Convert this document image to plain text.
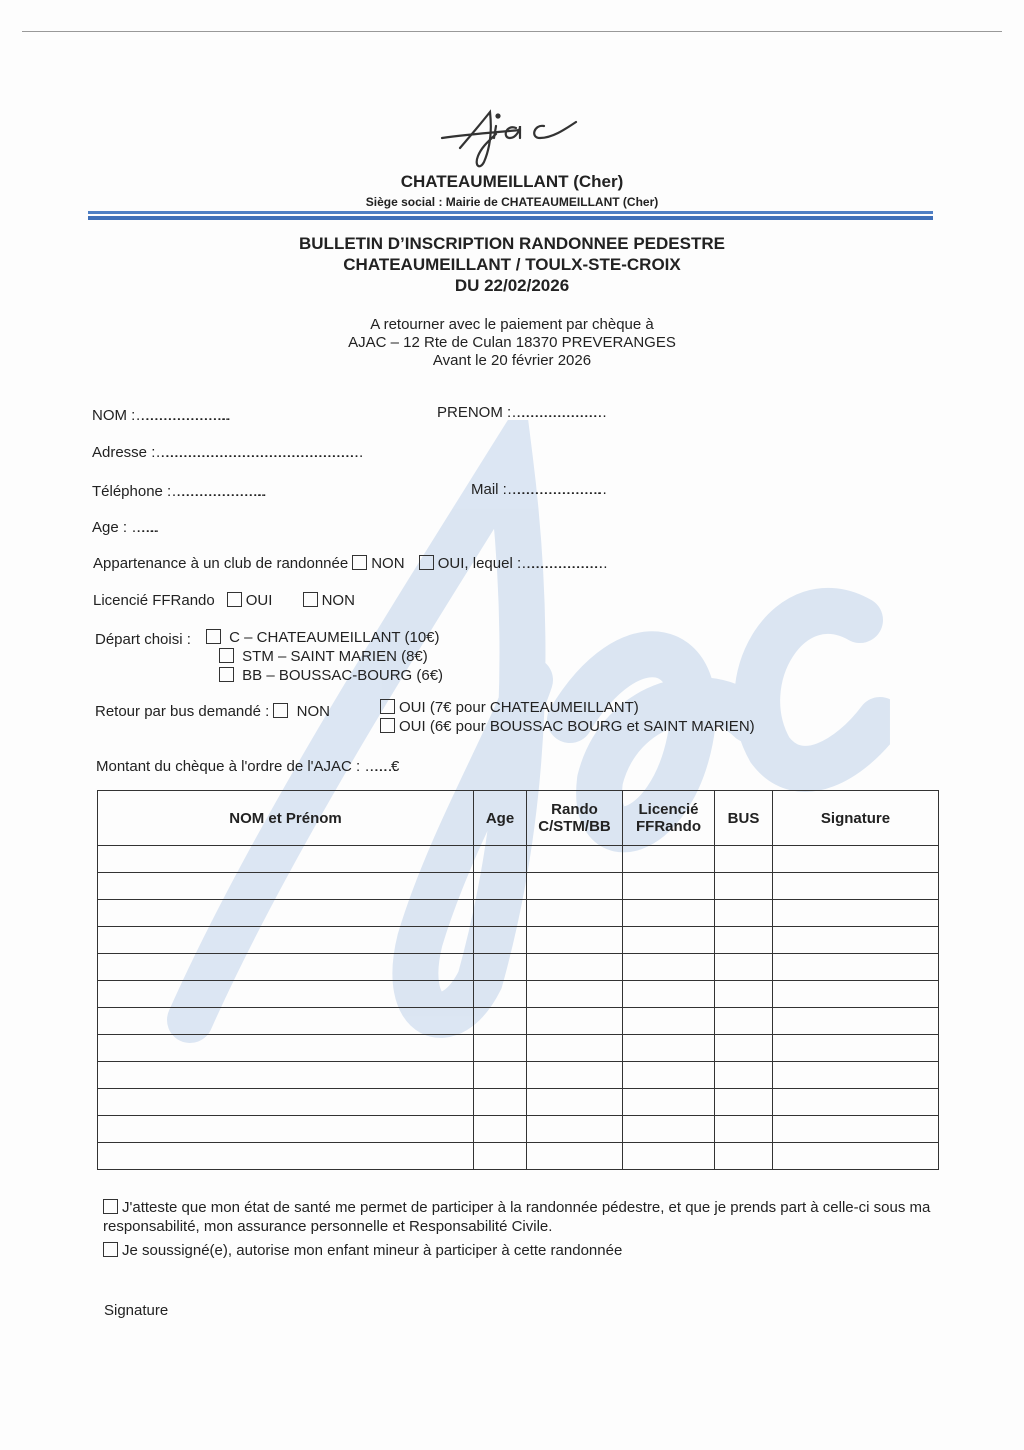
CHATEAUMEILLANT (Cher)
Siège social : Mairie de CHATEAUMEILLANT (Cher)
BULLETIN D’INSCRIPTION RANDONNEE PEDESTRE
CHATEAUMEILLANT / TOULX-STE-CROIX
DU 22/02/2026
A retourner avec le paiement par chèque à
AJAC – 12 Rte de Culan 18370 PREVERANGES
Avant le 20 février 2026
NOM :…………………………………………………..	PRENOM :…………………………………………………
Adresse :……………………………………………………………………………………………………………………
Téléphone :…………………………………………………..	Mail :…………………………………………………….
Age : …………..
Appartenance à un club de randonnée NON OUI, lequel :……………………………………………
Licencié FFRando OUI	NON
Départ choisi :	C – CHATEAUMEILLANT (10€)
STM – SAINT MARIEN (8€)
BB – BOUSSAC-BOURG (6€)
Retour par bus demandé : NON	OUI (7€ pour CHATEAUMEILLANT)
OUI (6€ pour BOUSSAC BOURG et SAINT MARIEN)
Montant du chèque à l'ordre de l'AJAC : …………… €
NOM et Prénom	Age	Rando C/STM/BB	Licencié FFRando	BUS	Signature

J'atteste que mon état de santé me permet de participer à la randonnée pédestre, et que je prends part à celle-ci sous ma responsabilité, mon assurance personnelle et Responsabilité Civile.
Je soussigné(e), autorise mon enfant mineur à participer à cette randonnée
Signature
